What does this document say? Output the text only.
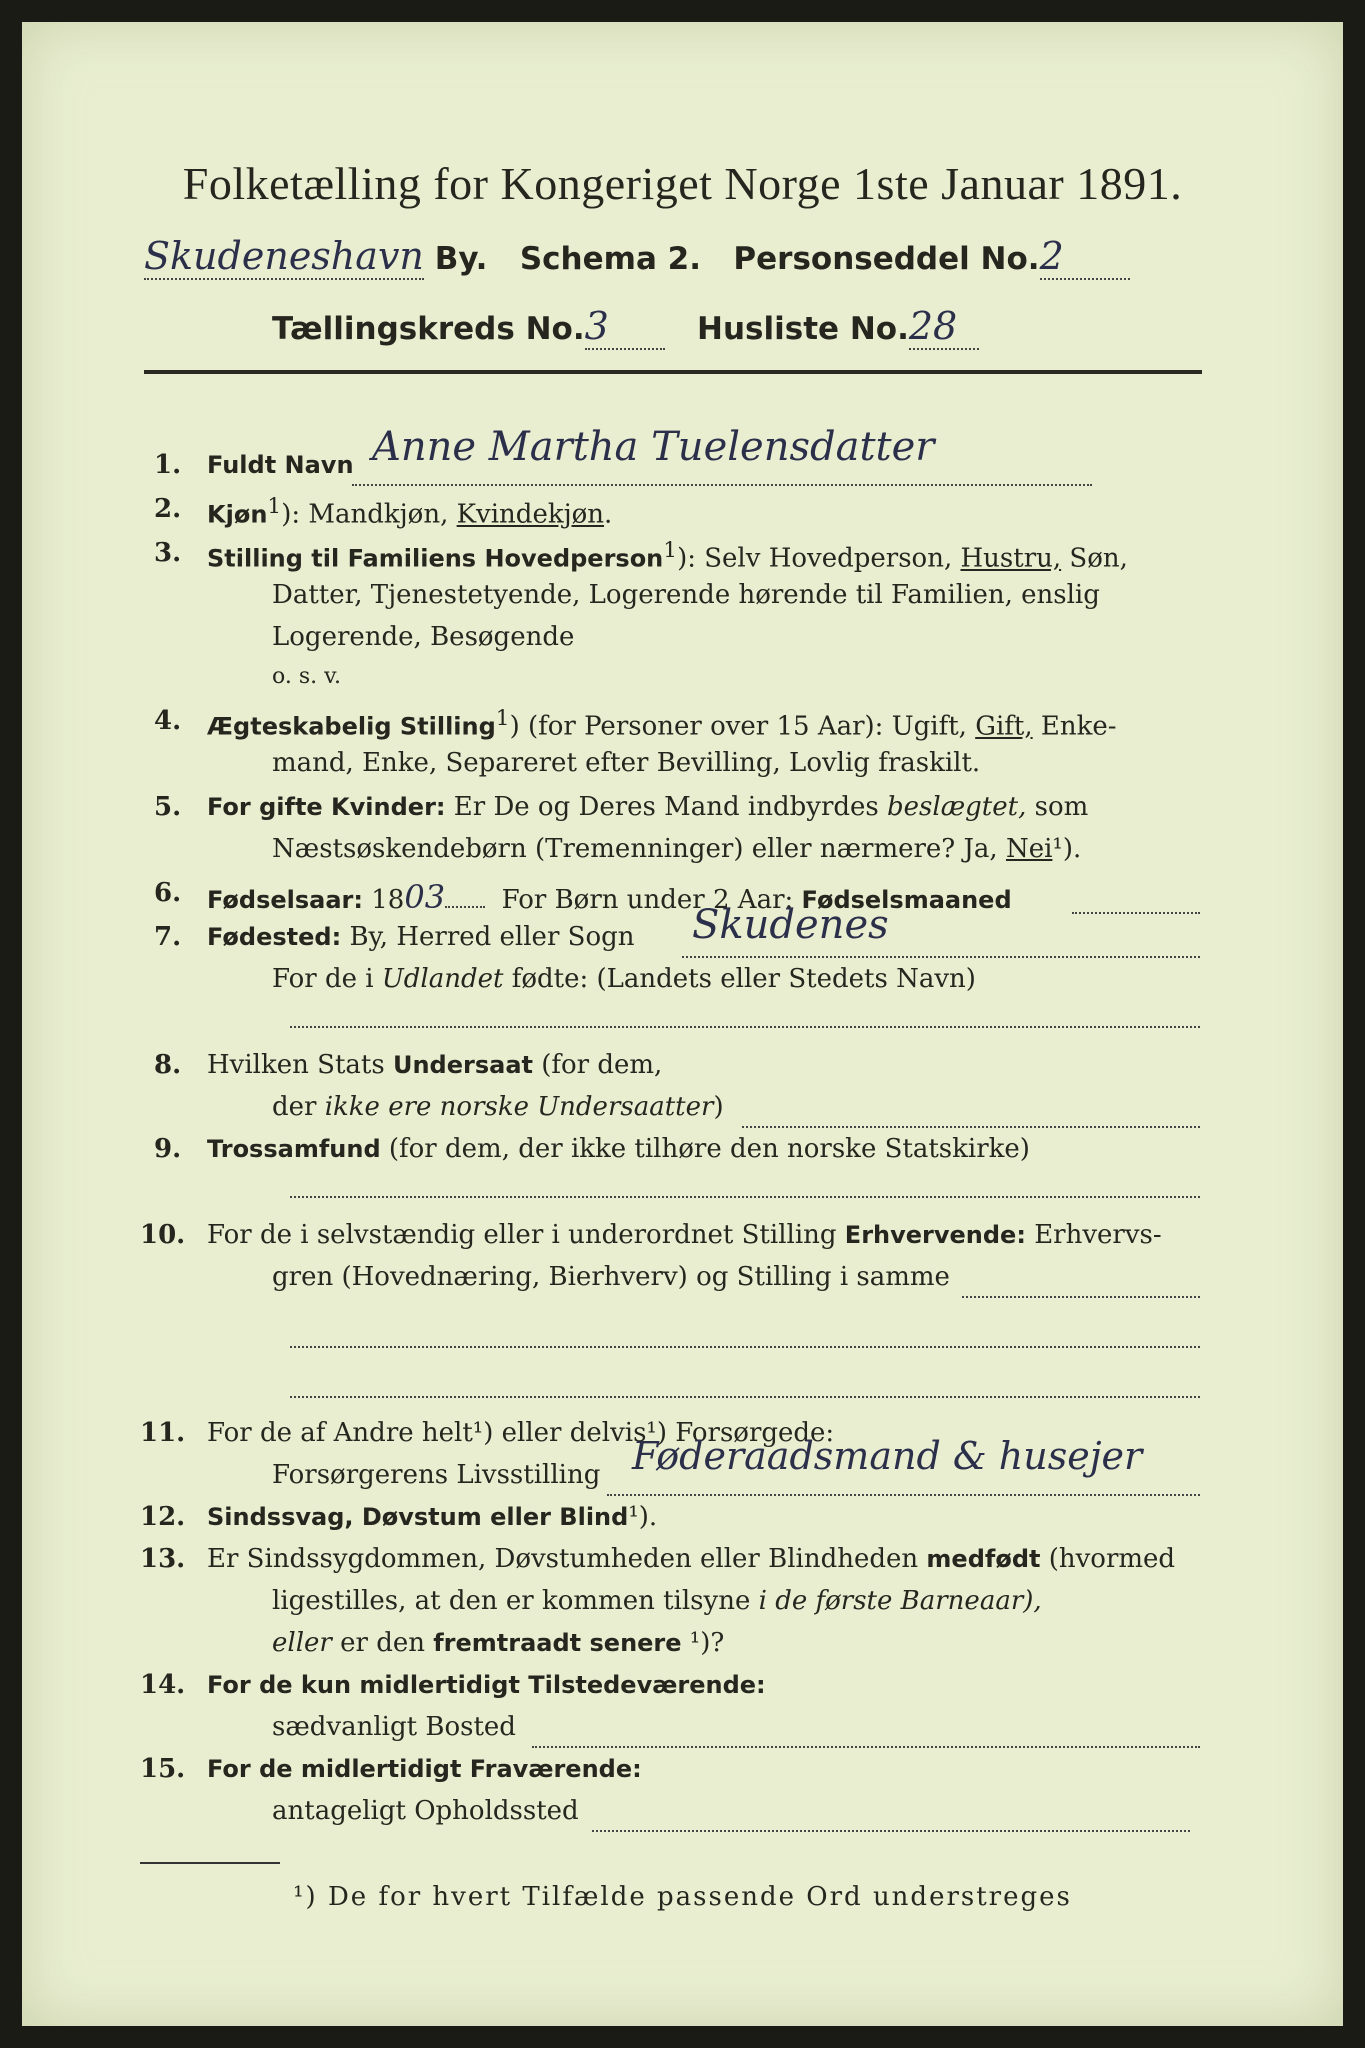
Folketælling for Kongeriget Norge 1ste Januar 1891.
Skudeneshavn By. Schema 2. Personseddel No.2
Tællingskreds No.3	Husliste No.28
1. Fuldt Navn Anne Martha Tuelensdatter
2. Kjøn$^1$): Mandkjøn, Kvindekjøn.
3. Stilling til Familiens Hovedperson$^1$): Selv Hovedperson, Hustru, Søn,
Datter, Tjenestetyende, Logerende hørende til Familien, enslig
Logerende, Besøgende
o. s. v.
4. Ægteskabelig Stilling$^1$) (for Personer over 15 Aar): Ugift, Gift, Enke-
mand, Enke, Separeret efter Bevilling, Lovlig fraskilt.
5. For gifte Kvinder: Er De og Deres Mand indbyrdes beslægtet, som
Næstsøskendebørn (Tremenninger) eller nærmere? Ja, Nei¹).
6. Fødselsaar: 1803 For Børn under 2 Aar: Fødselsmaaned
7. Fødested: By, Herred eller Sogn Skudenes
For de i Udlandet fødte: (Landets eller Stedets Navn)
8. Hvilken Stats Undersaat (for dem,
der ikke ere norske Undersaatter)
9. Trossamfund (for dem, der ikke tilhøre den norske Statskirke)
10. For de i selvstændig eller i underordnet Stilling Erhvervende: Erhvervs-
gren (Hovednæring, Bierhverv) og Stilling i samme
11. For de af Andre helt¹) eller delvis¹) Forsørgede:
Forsørgerens Livsstilling Føderaadsmand & husejer
12. Sindssvag, Døvstum eller Blind¹).
13. Er Sindssygdommen, Døvstumheden eller Blindheden medfødt (hvormed
ligestilles, at den er kommen tilsyne i de første Barneaar),
eller er den fremtraadt senere ¹)?
14. For de kun midlertidigt Tilstedeværende:
sædvanligt Bosted
15. For de midlertidigt Fraværende:
antageligt Opholdssted
¹) De for hvert Tilfælde passende Ord understreges
